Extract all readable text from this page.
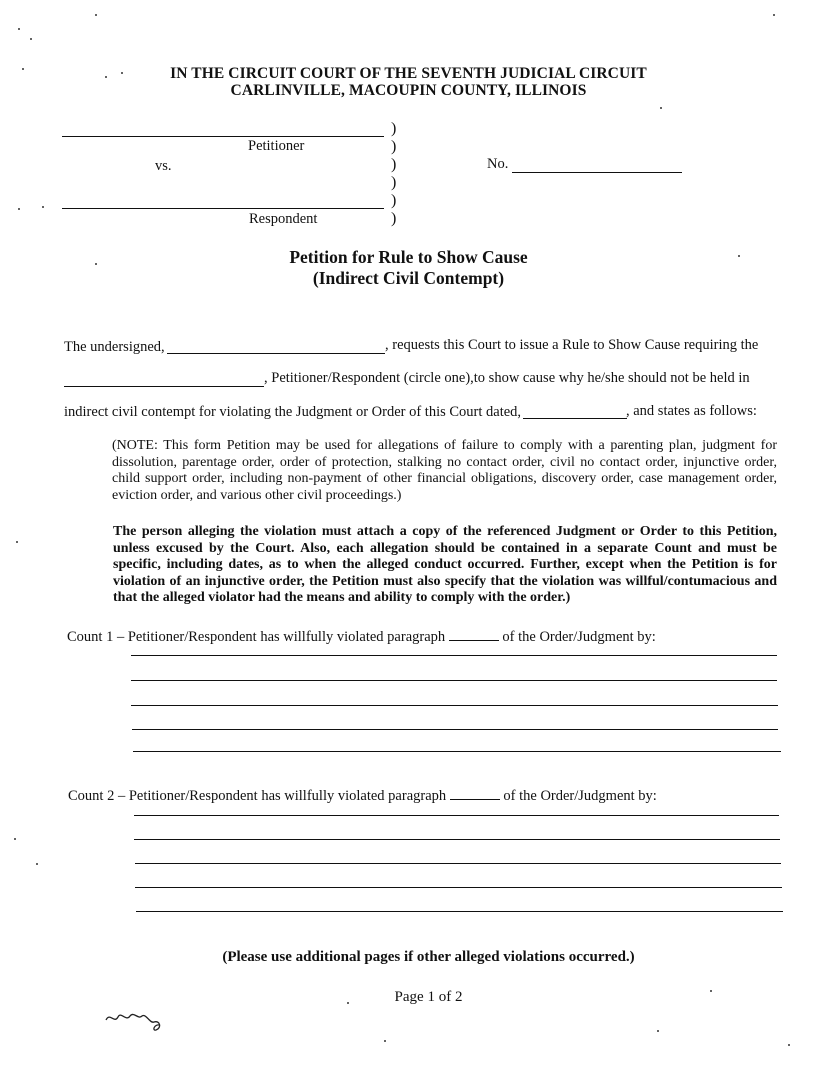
IN THE CIRCUIT COURT OF THE SEVENTH JUDICIAL CIRCUIT
CARLINVILLE, MACOUPIN COUNTY, ILLINOIS
Petitioner
vs.
Respondent
)
)
)
)
)
)
No.
Petition for Rule to Show Cause
(Indirect Civil Contempt)
The undersigned,	, requests this Court to issue a Rule to Show Cause requiring the
, Petitioner/Respondent (circle one),to show cause why he/she should not be held in
indirect civil contempt for violating the Judgment or Order of this Court dated,	, and states as follows:
(NOTE: This form Petition may be used for allegations of failure to comply with a parenting plan, judgment for dissolution, parentage order, order of protection, stalking no contact order, civil no contact order, injunctive order, child support order, including non-payment of other financial obligations, discovery order, case management order, eviction order, and various other civil proceedings.)
The person alleging the violation must attach a copy of the referenced Judgment or Order to this Petition, unless excused by the Court. Also, each allegation should be contained in a separate Count and must be specific, including dates, as to when the alleged conduct occurred. Further, except when the Petition is for violation of an injunctive order, the Petition must also specify that the violation was willful/contumacious and that the alleged violator had the means and ability to comply with the order.)
Count 1 – Petitioner/Respondent has willfully violated paragraph	of the Order/Judgment by:
Count 2 – Petitioner/Respondent has willfully violated paragraph	of the Order/Judgment by:
(Please use additional pages if other alleged violations occurred.)
Page 1 of 2
